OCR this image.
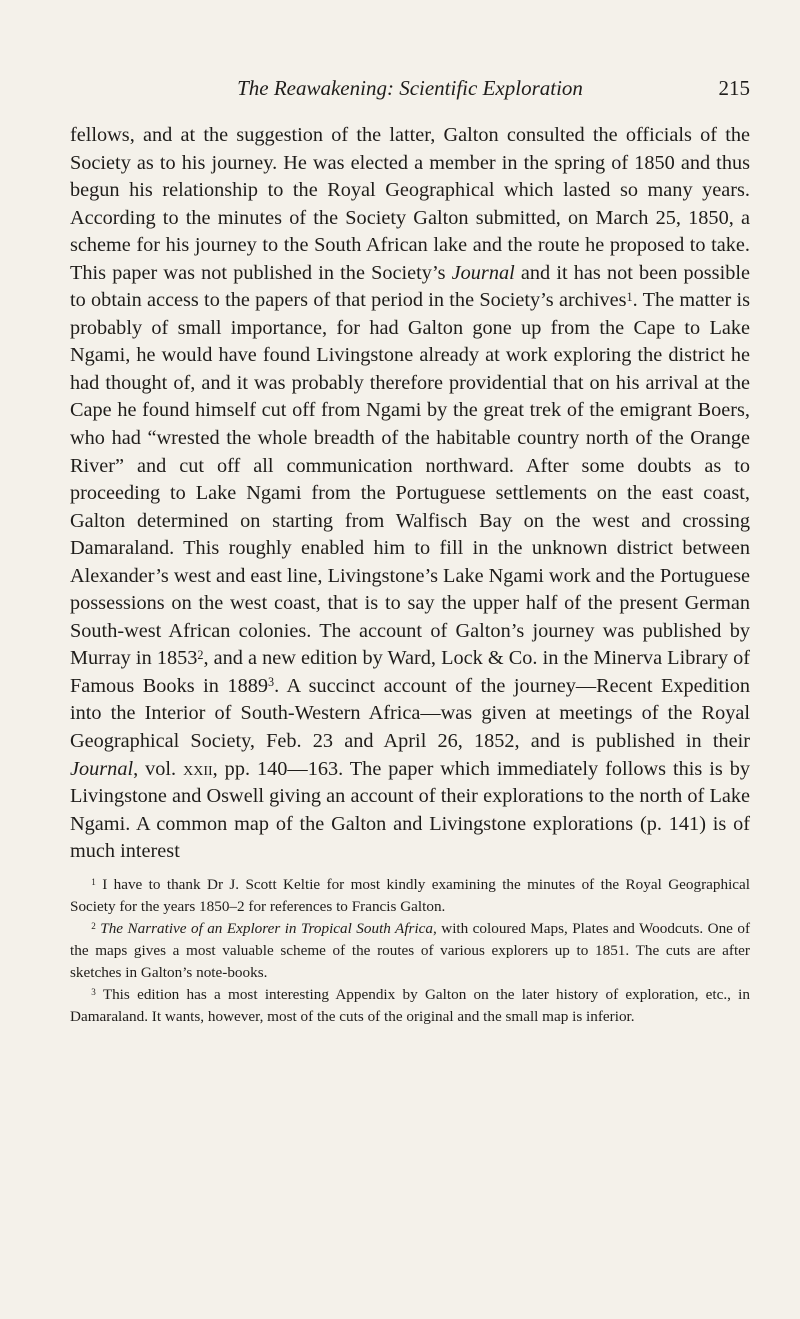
The Reawakening: Scientific Exploration	215

fellows, and at the suggestion of the latter, Galton consulted the officials of the Society as to his journey. He was elected a member in the spring of 1850 and thus begun his relationship to the Royal Geographical which lasted so many years. According to the minutes of the Society Galton submitted, on March 25, 1850, a scheme for his journey to the South African lake and the route he proposed to take. This paper was not published in the Society’s Journal and it has not been possible to obtain access to the papers of that period in the Society’s archives$^1$. The matter is probably of small importance, for had Galton gone up from the Cape to Lake Ngami, he would have found Livingstone already at work exploring the district he had thought of, and it was probably therefore providential that on his arrival at the Cape he found himself cut off from Ngami by the great trek of the emigrant Boers, who had “wrested the whole breadth of the habitable country north of the Orange River” and cut off all communication northward. After some doubts as to proceeding to Lake Ngami from the Portuguese settlements on the east coast, Galton determined on starting from Walfisch Bay on the west and crossing Damaraland. This roughly enabled him to fill in the unknown district between Alexander’s west and east line, Livingstone’s Lake Ngami work and the Portuguese possessions on the west coast, that is to say the upper half of the present German South-west African colonies. The account of Galton’s journey was published by Murray in 1853$^2$, and a new edition by Ward, Lock & Co. in the Minerva Library of Famous Books in 1889$^3$. A succinct account of the journey—Recent Expedition into the Interior of South-Western Africa—was given at meetings of the Royal Geographical Society, Feb. 23 and April 26, 1852, and is published in their Journal, vol. xxii, pp. 140—163. The paper which immediately follows this is by Livingstone and Oswell giving an account of their explorations to the north of Lake Ngami. A common map of the Galton and Livingstone explorations (p. 141) is of much interest

$^1$ I have to thank Dr J. Scott Keltie for most kindly examining the minutes of the Royal Geographical Society for the years 1850–2 for references to Francis Galton.

$^2$ The Narrative of an Explorer in Tropical South Africa, with coloured Maps, Plates and Woodcuts. One of the maps gives a most valuable scheme of the routes of various explorers up to 1851. The cuts are after sketches in Galton’s note-books.

$^3$ This edition has a most interesting Appendix by Galton on the later history of exploration, etc., in Damaraland. It wants, however, most of the cuts of the original and the small map is inferior.
